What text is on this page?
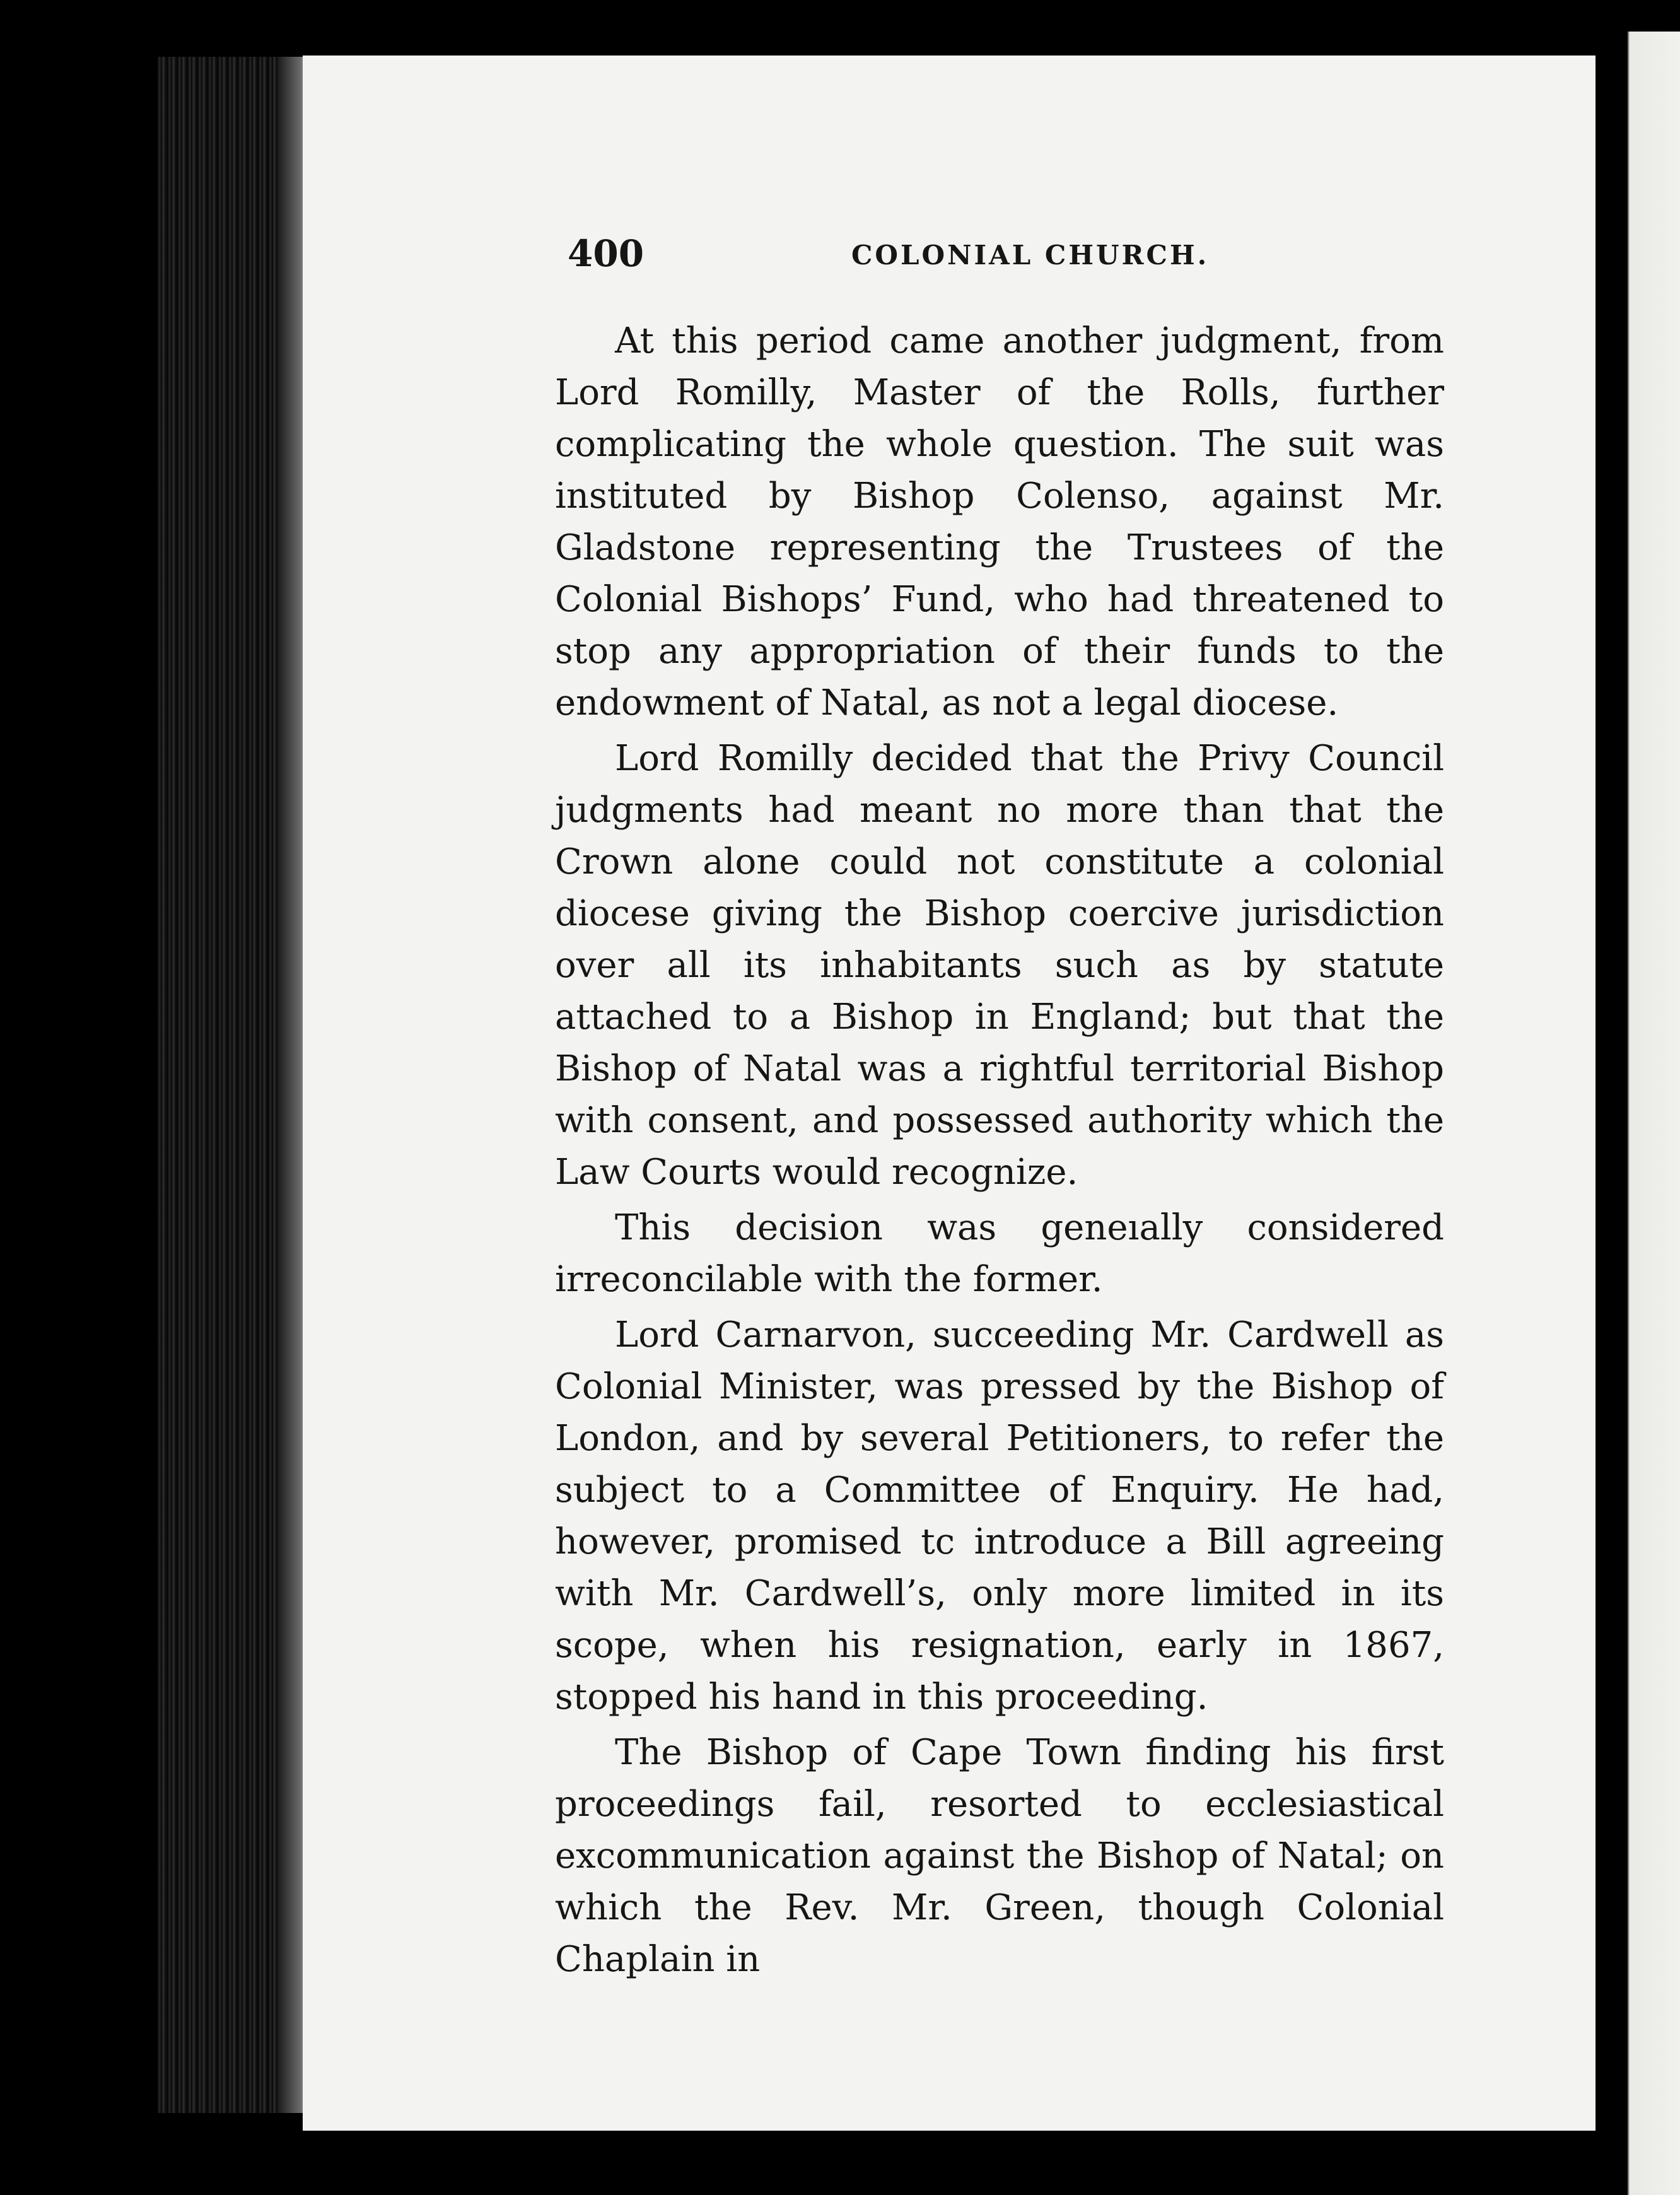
400	COLONIAL CHURCH.

At this period came another judgment, from Lord Romilly, Master of the Rolls, further complicating the whole question. The suit was instituted by Bishop Colenso, against Mr. Gladstone representing the Trustees of the Colonial Bishops’ Fund, who had threatened to stop any appropriation of their funds to the endowment of Natal, as not a legal diocese.

Lord Romilly decided that the Privy Council judgments had meant no more than that the Crown alone could not constitute a colonial diocese giving the Bishop coercive jurisdiction over all its inhabitants such as by statute attached to a Bishop in England; but that the Bishop of Natal was a rightful territorial Bishop with consent, and possessed authority which the Law Courts would recognize.

This decision was geneıally considered irreconcilable with the former.

Lord Carnarvon, succeeding Mr. Cardwell as Colonial Minister, was pressed by the Bishop of London, and by several Petitioners, to refer the subject to a Committee of Enquiry. He had, however, promised tc introduce a Bill agreeing with Mr. Cardwell’s, only more limited in its scope, when his resignation, early in 1867, stopped his hand in this proceeding.

The Bishop of Cape Town finding his first proceedings fail, resorted to ecclesiastical excommunication against the Bishop of Natal; on which the Rev. Mr. Green, though Colonial Chaplain in
